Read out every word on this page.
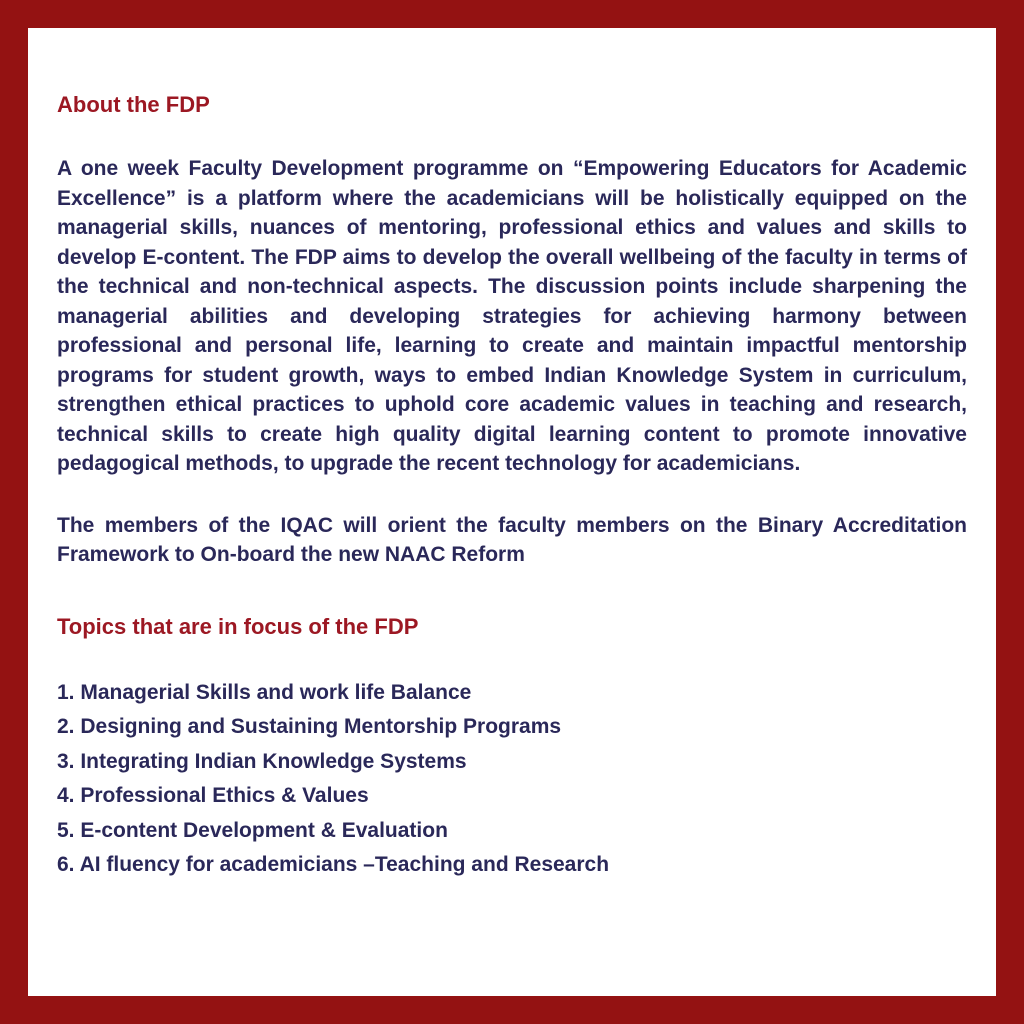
About the FDP

A one week Faculty Development programme on “Empowering Educators for Academic Excellence” is a platform where the academicians will be holistically equipped on the managerial skills, nuances of mentoring, professional ethics and values and skills to develop E-content. The FDP aims to develop the overall wellbeing of the faculty in terms of the technical and non-technical aspects. The discussion points include sharpening the managerial abilities and developing strategies for achieving harmony between professional and personal life, learning to create and maintain impactful mentorship programs for student growth, ways to embed Indian Knowledge System in curriculum, strengthen ethical practices to uphold core academic values in teaching and research, technical skills to create high quality digital learning content to promote innovative pedagogical methods, to upgrade the recent technology for academicians.

The members of the IQAC will orient the faculty members on the Binary Accreditation Framework to On-board the new NAAC Reform

Topics that are in focus of the FDP
1. Managerial Skills and work life Balance
2. Designing and Sustaining Mentorship Programs
3. Integrating Indian Knowledge Systems
4. Professional Ethics & Values
5. E-content Development & Evaluation
6. AI fluency for academicians –Teaching and Research
